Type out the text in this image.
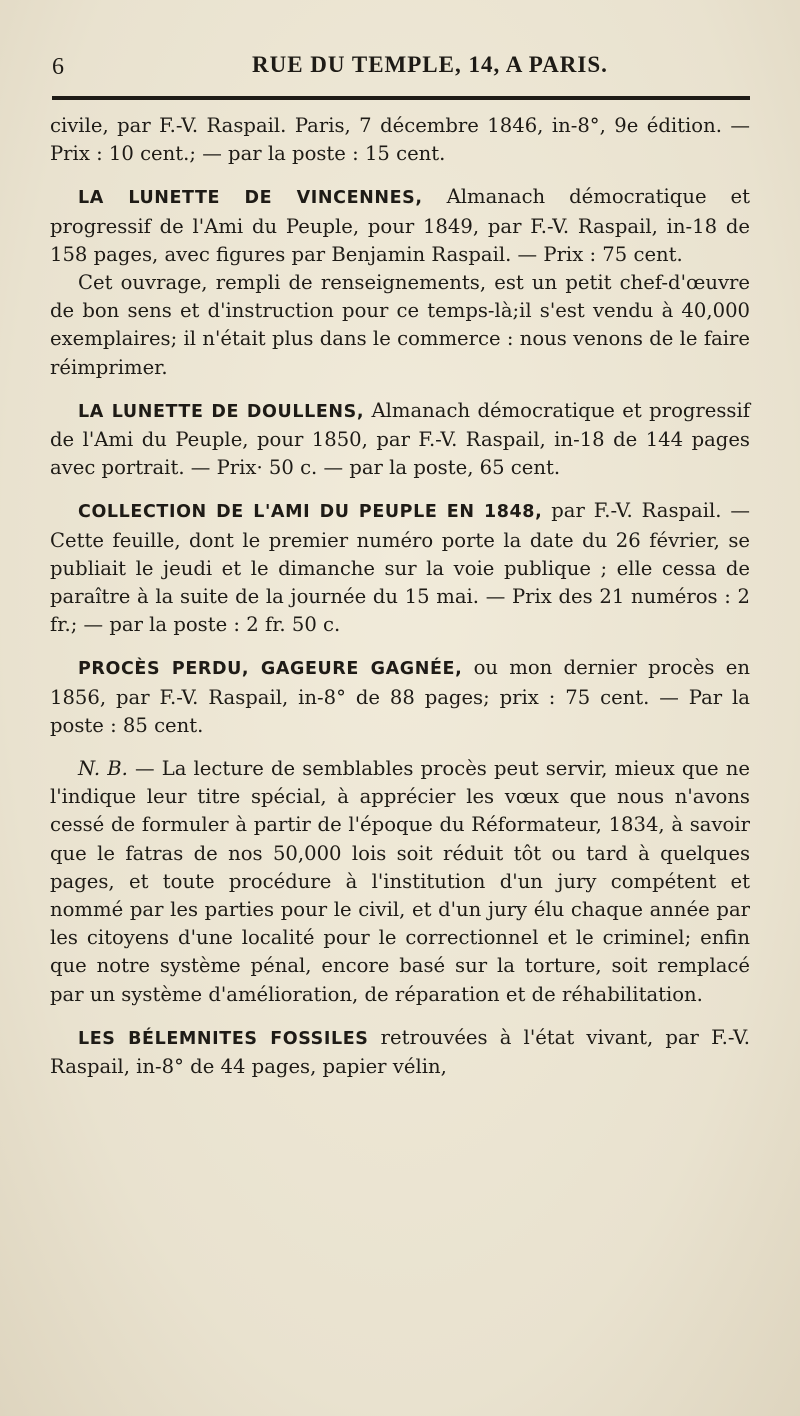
6	RUE DU TEMPLE, 14, A PARIS.

civile, par F.-V. Raspail. Paris, 7 décembre 1846, in-8°, 9e édition. — Prix : 10 cent.; — par la poste : 15 cent.

LA LUNETTE DE VINCENNES, Almanach démocratique et progressif de l'Ami du Peuple, pour 1849, par F.-V. Raspail, in-18 de 158 pages, avec figures par Benjamin Raspail. — Prix : 75 cent.

Cet ouvrage, rempli de renseignements, est un petit chef-d'œuvre de bon sens et d'instruction pour ce temps-là;il s'est vendu à 40,000 exemplaires; il n'était plus dans le commerce : nous venons de le faire réimprimer.

LA LUNETTE DE DOULLENS, Almanach démocratique et progressif de l'Ami du Peuple, pour 1850, par F.-V. Raspail, in-18 de 144 pages avec portrait. — Prix· 50 c. — par la poste, 65 cent.

COLLECTION DE L'AMI DU PEUPLE EN 1848, par F.-V. Raspail. — Cette feuille, dont le premier numéro porte la date du 26 février, se publiait le jeudi et le dimanche sur la voie publique ; elle cessa de paraître à la suite de la journée du 15 mai. — Prix des 21 numéros : 2 fr.; — par la poste : 2 fr. 50 c.

PROCÈS PERDU, GAGEURE GAGNÉE, ou mon dernier procès en 1856, par F.-V. Raspail, in-8° de 88 pages; prix : 75 cent. — Par la poste : 85 cent.

N. B. — La lecture de semblables procès peut servir, mieux que ne l'indique leur titre spécial, à apprécier les vœux que nous n'avons cessé de formuler à partir de l'époque du Réformateur, 1834, à savoir que le fatras de nos 50,000 lois soit réduit tôt ou tard à quelques pages, et toute procédure à l'institution d'un jury compétent et nommé par les parties pour le civil, et d'un jury élu chaque année par les citoyens d'une localité pour le correctionnel et le criminel; enfin que notre système pénal, encore basé sur la torture, soit remplacé par un système d'amélioration, de réparation et de réhabilitation.

LES BÉLEMNITES FOSSILES retrouvées à l'état vivant, par F.-V. Raspail, in-8° de 44 pages, papier vélin,
